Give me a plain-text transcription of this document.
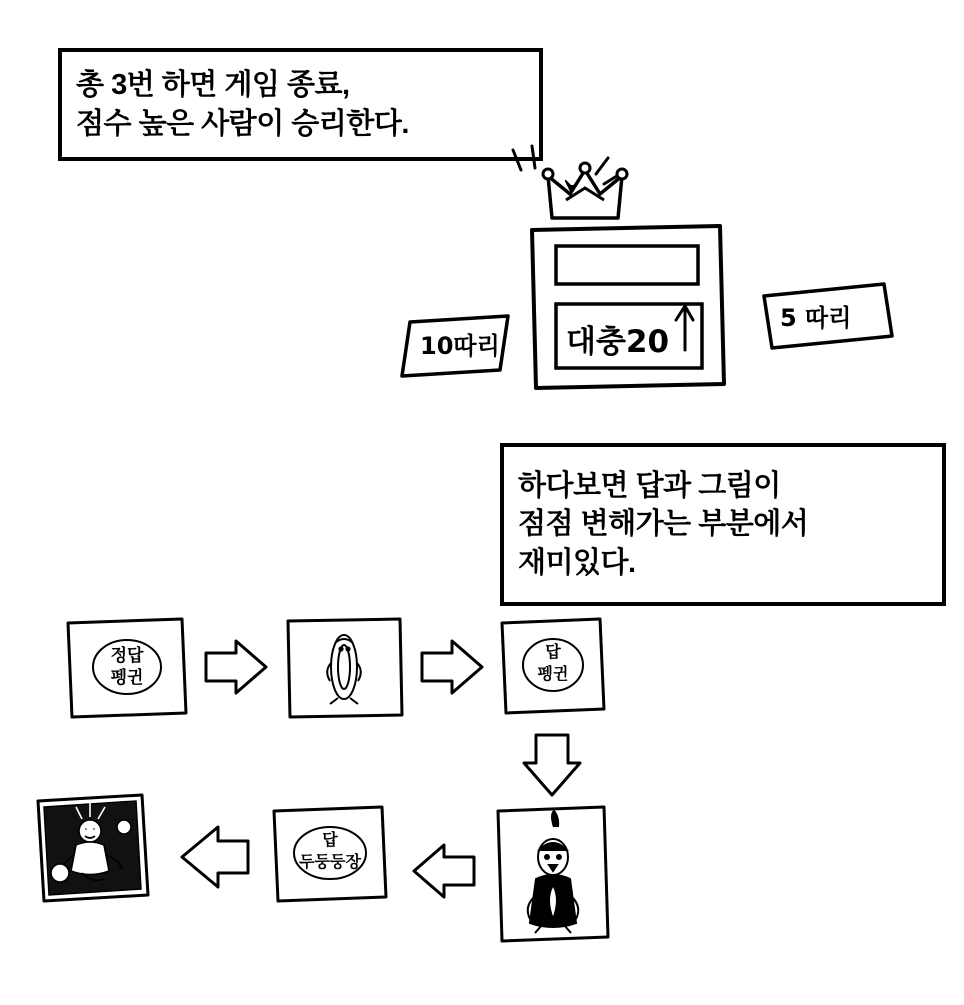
총 3번 하면 게임 종료,
점수 높은 사람이 승리한다.
대충20
10따리
5 따리
하다보면 답과 그림이
점점 변해가는 부분에서
재미있다.
정답
펭귄
답
펭귄
답
두둥둥장
